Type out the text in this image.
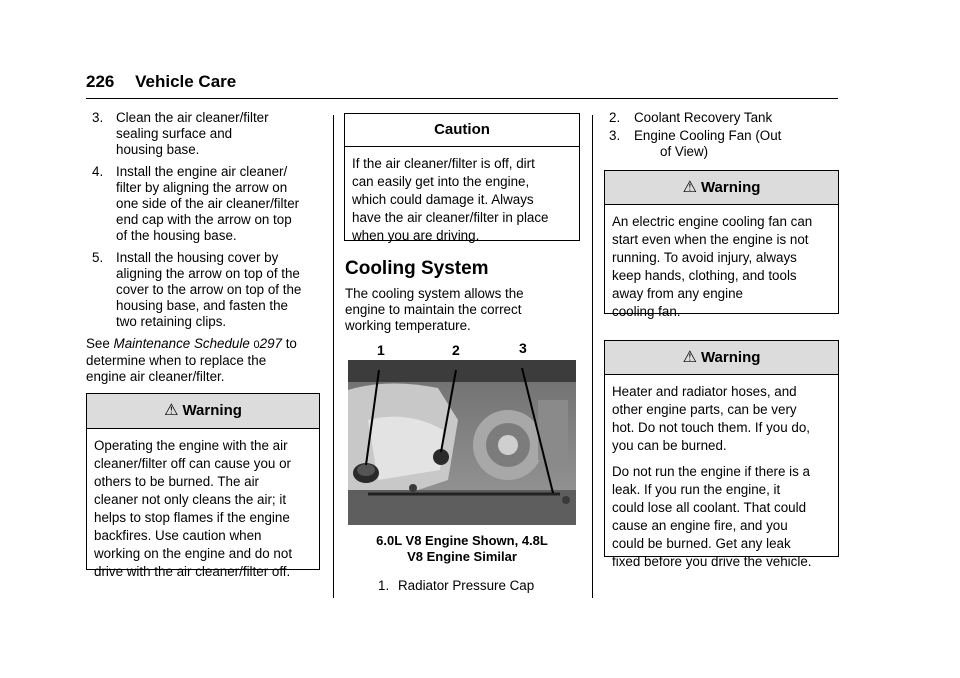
226 Vehicle Care
3. Clean the air cleaner/filter
sealing surface and
housing base.
4. Install the engine air cleaner/
filter by aligning the arrow on
one side of the air cleaner/filter
end cap with the arrow on top
of the housing base.
5. Install the housing cover by
aligning the arrow on top of the
cover to the arrow on top of the
housing base, and fasten the
two retaining clips.
See Maintenance Schedule 0297 to
determine when to replace the
engine air cleaner/filter.
⚠ Warning
Operating the engine with the air
cleaner/filter off can cause you or
others to be burned. The air
cleaner not only cleans the air; it
helps to stop flames if the engine
backfires. Use caution when
working on the engine and do not
drive with the air cleaner/filter off.
Caution
If the air cleaner/filter is off, dirt
can easily get into the engine,
which could damage it. Always
have the air cleaner/filter in place
when you are driving.
Cooling System
The cooling system allows the
engine to maintain the correct
working temperature.
1	2	3
6.0L V8 Engine Shown, 4.8L
V8 Engine Similar
1. Radiator Pressure Cap
2. Coolant Recovery Tank
3. Engine Cooling Fan (Out
of View)
⚠ Warning
An electric engine cooling fan can
start even when the engine is not
running. To avoid injury, always
keep hands, clothing, and tools
away from any engine
cooling fan.
⚠ Warning

Heater and radiator hoses, and
other engine parts, can be very
hot. Do not touch them. If you do,
you can be burned.

Do not run the engine if there is a
leak. If you run the engine, it
could lose all coolant. That could
cause an engine fire, and you
could be burned. Get any leak
fixed before you drive the vehicle.
